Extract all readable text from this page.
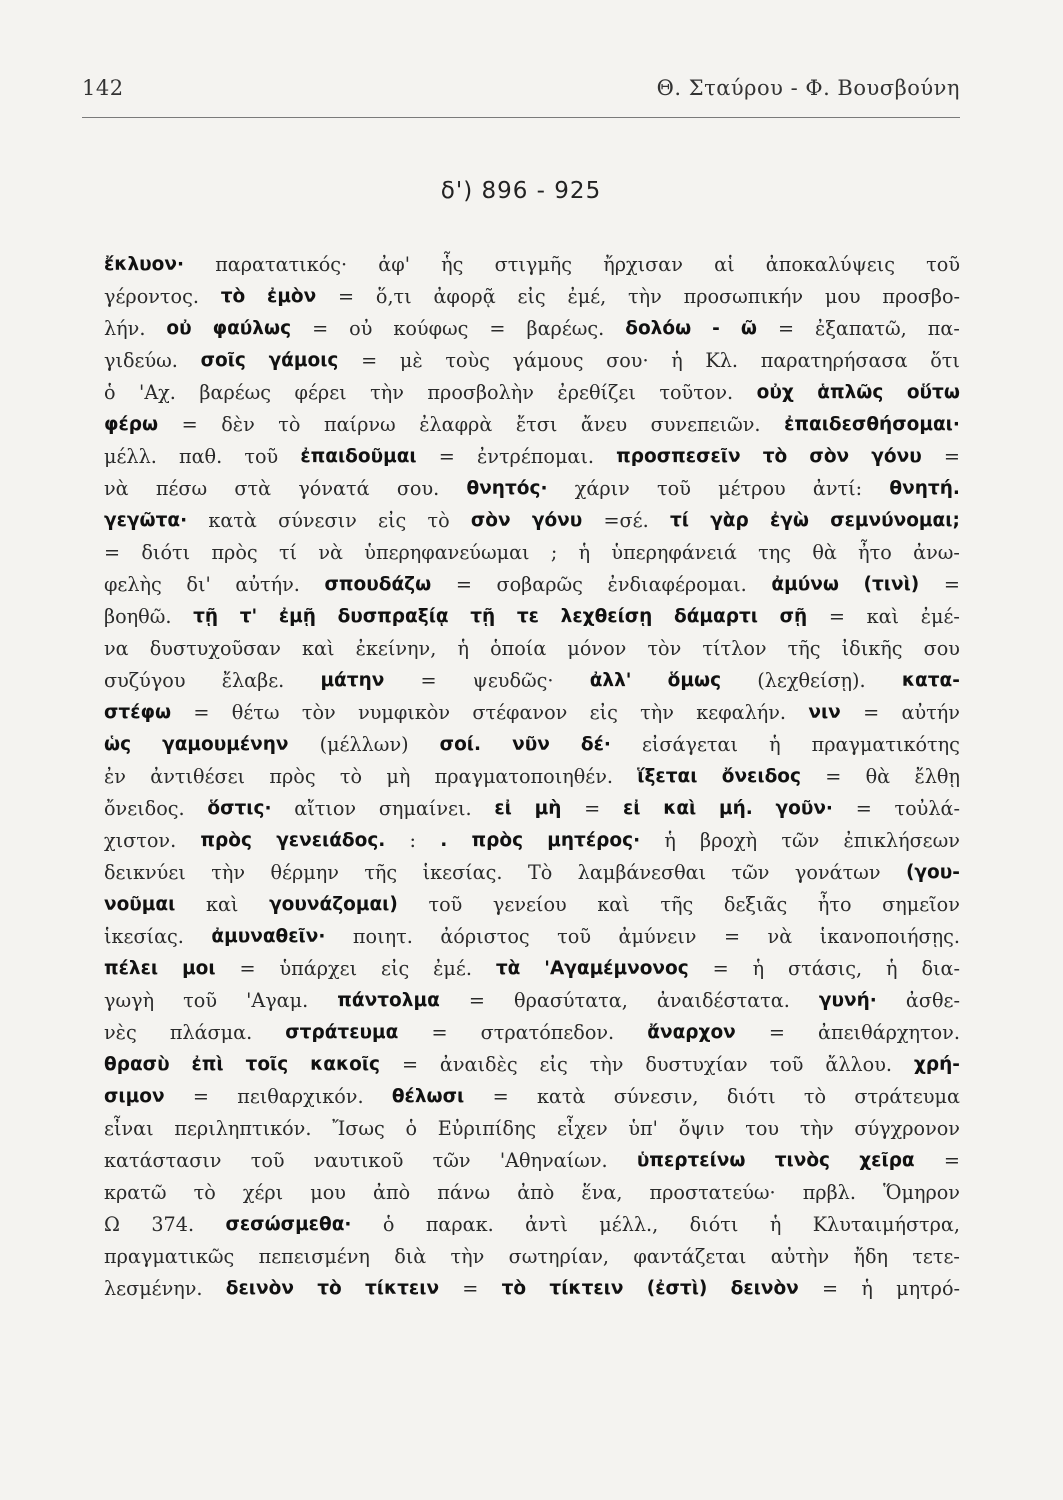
142	Θ. Σταύρου - Φ. Βουσβούνη
δ') 896 - 925
ἔκλυον· παρατατικός· ἀφ' ἧς στιγμῆς ἤρχισαν αἱ ἀποκαλύψεις τοῦ
γέροντος. τὸ ἐμὸν = ὅ,τι ἀφορᾷ εἰς ἐμέ, τὴν προσωπικήν μου προσβο-
λήν. οὐ φαύλως = οὐ κούφως = βαρέως. δολόω - ῶ = ἐξαπατῶ, πα-
γιδεύω. σοῖς γάμοις = μὲ τοὺς γάμους σου· ἡ Κλ. παρατηρήσασα ὅτι
ὁ 'Αχ. βαρέως φέρει τὴν προσβολὴν ἐρεθίζει τοῦτον. οὐχ ἁπλῶς οὕτω
φέρω = δὲν τὸ παίρνω ἐλαφρὰ ἔτσι ἄνευ συνεπειῶν. ἐπαιδεσθήσομαι·
μέλλ. παθ. τοῦ ἐπαιδοῦμαι = ἐντρέπομαι. προσπεσεῖν τὸ σὸν γόνυ =
νὰ πέσω στὰ γόνατά σου. θνητός· χάριν τοῦ μέτρου ἀντί: θνητή.
γεγῶτα· κατὰ σύνεσιν εἰς τὸ σὸν γόνυ =σέ. τί γὰρ ἐγὼ σεμνύνομαι;
= διότι πρὸς τί νὰ ὑπερηφανεύωμαι ; ἡ ὑπερηφάνειά της θὰ ἦτο ἀνω-
φελὴς δι' αὐτήν. σπουδάζω = σοβαρῶς ἐνδιαφέρομαι. ἀμύνω (τινὶ) =
βοηθῶ. τῇ τ' ἐμῇ δυσπραξίᾳ τῇ τε λεχθείσῃ δάμαρτι σῇ = καὶ ἐμέ-
να δυστυχοῦσαν καὶ ἐκείνην, ἡ ὁποία μόνον τὸν τίτλον τῆς ἰδικῆς σου
συζύγου ἔλαβε. μάτην = ψευδῶς· ἀλλ' ὅμως (λεχθείσῃ). κατα-
στέφω = θέτω τὸν νυμφικὸν στέφανον εἰς τὴν κεφαλήν. νιν = αὐτήν
ὡς γαμουμένην (μέλλων) σοί. νῦν δέ· εἰσάγεται ἡ πραγματικότης
ἐν ἀντιθέσει πρὸς τὸ μὴ πραγματοποιηθέν. ἵξεται ὄνειδος = θὰ ἔλθῃ
ὄνειδος. ὅστις· αἴτιον σημαίνει. εἰ μὴ = εἰ καὶ μή. γοῦν· = τοὐλά-
χιστον. πρὸς γενειάδος. : . πρὸς μητέρος· ἡ βροχὴ τῶν ἐπικλήσεων
δεικνύει τὴν θέρμην τῆς ἱκεσίας. Τὸ λαμβάνεσθαι τῶν γονάτων (γου-
νοῦμαι καὶ γουνάζομαι) τοῦ γενείου καὶ τῆς δεξιᾶς ἦτο σημεῖον
ἱκεσίας. ἀμυναθεῖν· ποιητ. ἀόριστος τοῦ ἀμύνειν = νὰ ἱκανοποιήσῃς.
πέλει μοι = ὑπάρχει εἰς ἐμέ. τὰ 'Αγαμέμνονος = ἡ στάσις, ἡ δια-
γωγὴ τοῦ 'Αγαμ. πάντολμα = θρασύτατα, ἀναιδέστατα. γυνή· ἀσθε-
νὲς πλάσμα. στράτευμα = στρατόπεδον. ἄναρχον = ἀπειθάρχητον.
θρασὺ ἐπὶ τοῖς κακοῖς = ἀναιδὲς εἰς τὴν δυστυχίαν τοῦ ἄλλου. χρή-
σιμον = πειθαρχικόν. θέλωσι = κατὰ σύνεσιν, διότι τὸ στράτευμα
εἶναι περιληπτικόν. Ἴσως ὁ Εὐριπίδης εἶχεν ὑπ' ὄψιν του τὴν σύγχρονον
κατάστασιν τοῦ ναυτικοῦ τῶν 'Αθηναίων. ὑπερτείνω τινὸς χεῖρα =
κρατῶ τὸ χέρι μου ἀπὸ πάνω ἀπὸ ἕνα, προστατεύω· πρβλ. Ὅμηρον
Ω 374. σεσώσμεθα· ὁ παρακ. ἀντὶ μέλλ., διότι ἡ Κλυταιμήστρα,
πραγματικῶς πεπεισμένη διὰ τὴν σωτηρίαν, φαντάζεται αὐτὴν ἤδη τετε-
λεσμένην. δεινὸν τὸ τίκτειν = τὸ τίκτειν (ἐστὶ) δεινὸν = ἡ μητρό-
